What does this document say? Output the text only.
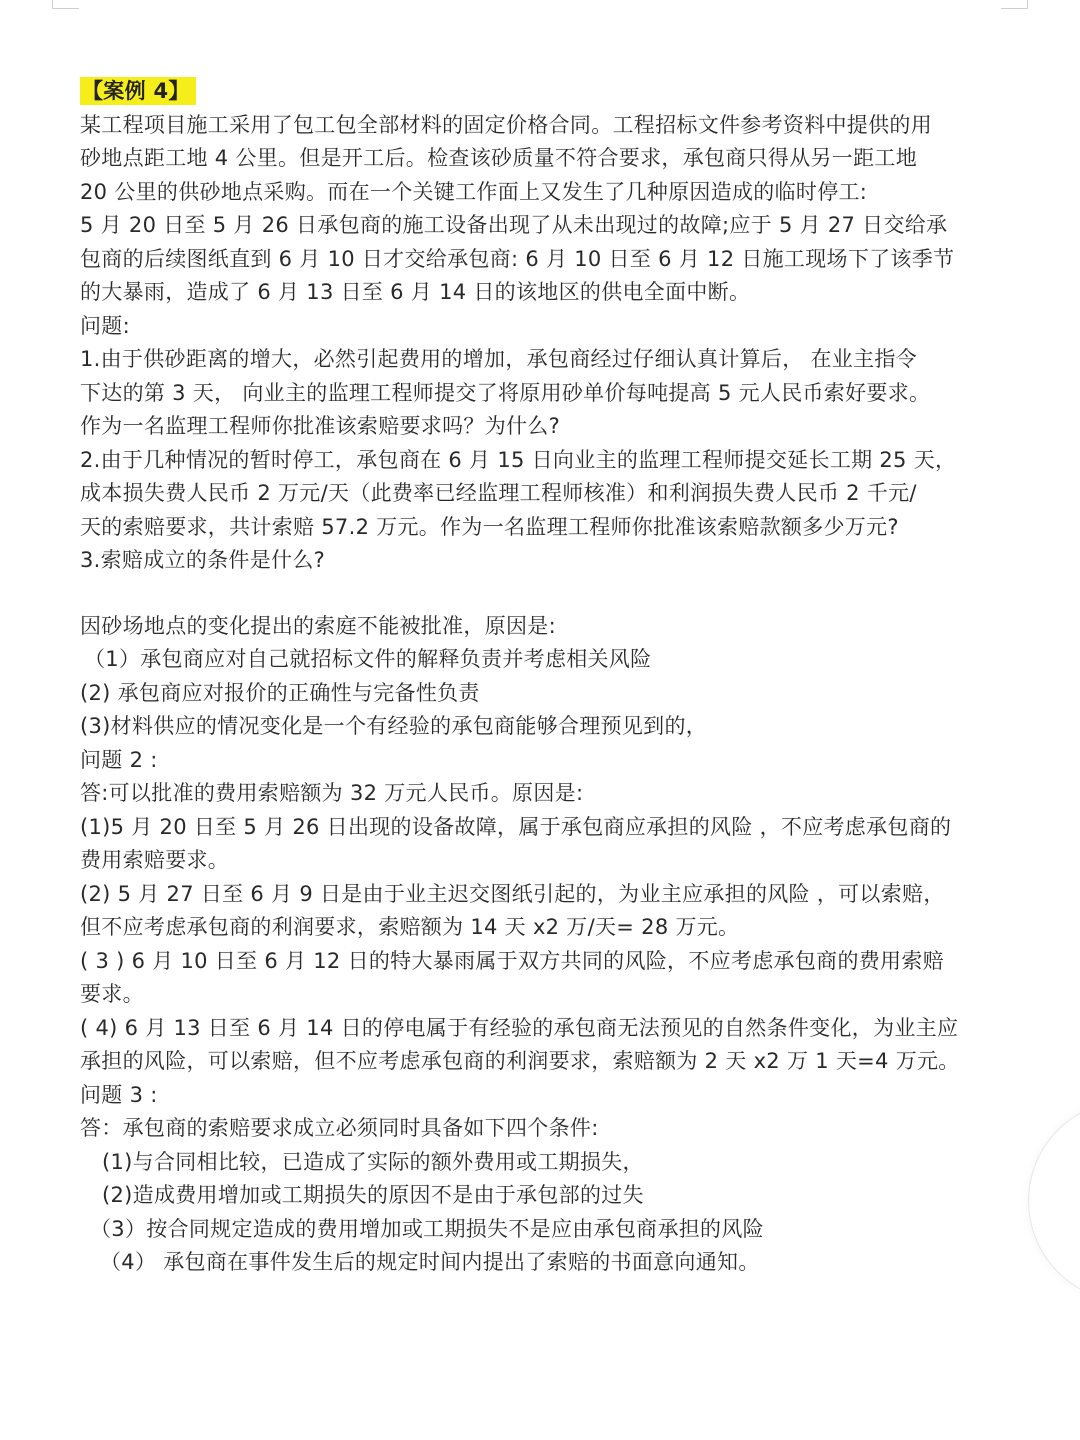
【案例 4】
某工程项目施工采用了包工包全部材料的固定价格合同。工程招标文件参考资料中提供的用
砂地点距工地 4 公里。但是开工后。检查该砂质量不符合要求，承包商只得从另一距工地
20 公里的供砂地点采购。而在一个关键工作面上又发生了几种原因造成的临时停工:
5 月 20 日至 5 月 26 日承包商的施工设备出现了从未出现过的故障;应于 5 月 27 日交给承
包商的后续图纸直到 6 月 10 日才交给承包商: 6 月 10 日至 6 月 12 日施工现场下了该季节
的大暴雨，造成了 6 月 13 日至 6 月 14 日的该地区的供电全面中断。
问题:
1.由于供砂距离的增大，必然引起费用的增加，承包商经过仔细认真计算后， 在业主指令
下达的第 3 天， 向业主的监理工程师提交了将原用砂单价每吨提高 5 元人民币索好要求。
作为一名监理工程师你批准该索赔要求吗？为什么?
2.由于几种情况的暂时停工，承包商在 6 月 15 日向业主的监理工程师提交延长工期 25 天，
成本损失费人民币 2 万元/天（此费率已经监理工程师核准）和利润损失费人民币 2 千元/
天的索赔要求，共计索赔 57.2 万元。作为一名监理工程师你批准该索赔款额多少万元?
3.索赔成立的条件是什么?
因砂场地点的变化提出的索庭不能被批准，原因是:
（1）承包商应对自己就招标文件的解释负责并考虑相关风险
(2) 承包商应对报价的正确性与完备性负责
(3)材料供应的情况变化是一个有经验的承包商能够合理预见到的，
问题 2 :
答:可以批准的费用索赔额为 32 万元人民币。原因是:
(1)5 月 20 日至 5 月 26 日出现的设备故障，属于承包商应承担的风险 ，不应考虑承包商的
费用索赔要求。
(2) 5 月 27 日至 6 月 9 日是由于业主迟交图纸引起的，为业主应承担的风险 ，可以索赔，
但不应考虑承包商的利润要求，索赔额为 14 天 x2 万/天= 28 万元。
( 3 ) 6 月 10 日至 6 月 12 日的特大暴雨属于双方共同的风险，不应考虑承包商的费用索赔
要求。
( 4) 6 月 13 日至 6 月 14 日的停电属于有经验的承包商无法预见的自然条件变化，为业主应
承担的风险，可以索赔，但不应考虑承包商的利润要求，索赔额为 2 天 x2 万 1 天=4 万元。
问题 3 :
答：承包商的索赔要求成立必须同时具备如下四个条件:
(1)与合同相比较，已造成了实际的额外费用或工期损失，
(2)造成费用增加或工期损失的原因不是由于承包部的过失
（3）按合同规定造成的费用增加或工期损失不是应由承包商承担的风险
（4） 承包商在事件发生后的规定时间内提出了索赔的书面意向通知。
